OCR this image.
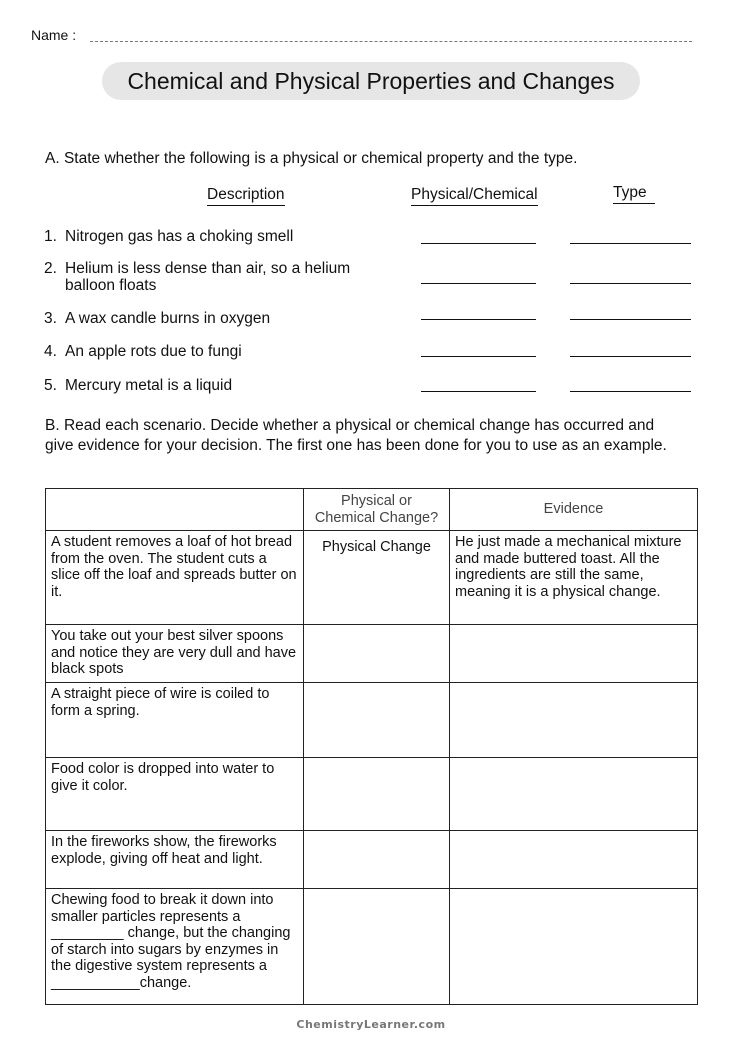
Name :
Chemical and Physical Properties and Changes
A. State whether the following is a physical or chemical property and the type.
Description	Physical/Chemical	Type
1. Nitrogen gas has a choking smell
2. Helium is less dense than air, so a helium balloon floats
3. A wax candle burns in oxygen
4. An apple rots due to fungi
5. Mercury metal is a liquid
B. Read each scenario. Decide whether a physical or chemical change has occurred and give evidence for your decision. The first one has been done for you to use as an example.
	Physical or Chemical Change?	Evidence
A student removes a loaf of hot bread from the oven. The student cuts a slice off the loaf and spreads butter on it.	Physical Change	He just made a mechanical mixture and made buttered toast. All the ingredients are still the same, meaning it is a physical change.
You take out your best silver spoons and notice they are very dull and have black spots		
A straight piece of wire is coiled to form a spring.		
Food color is dropped into water to give it color.		
In the fireworks show, the fireworks explode, giving off heat and light.		
Chewing food to break it down into smaller particles represents a _________ change, but the changing of starch into sugars by enzymes in the digestive system represents a ___________change.		
ChemistryLearner.com
